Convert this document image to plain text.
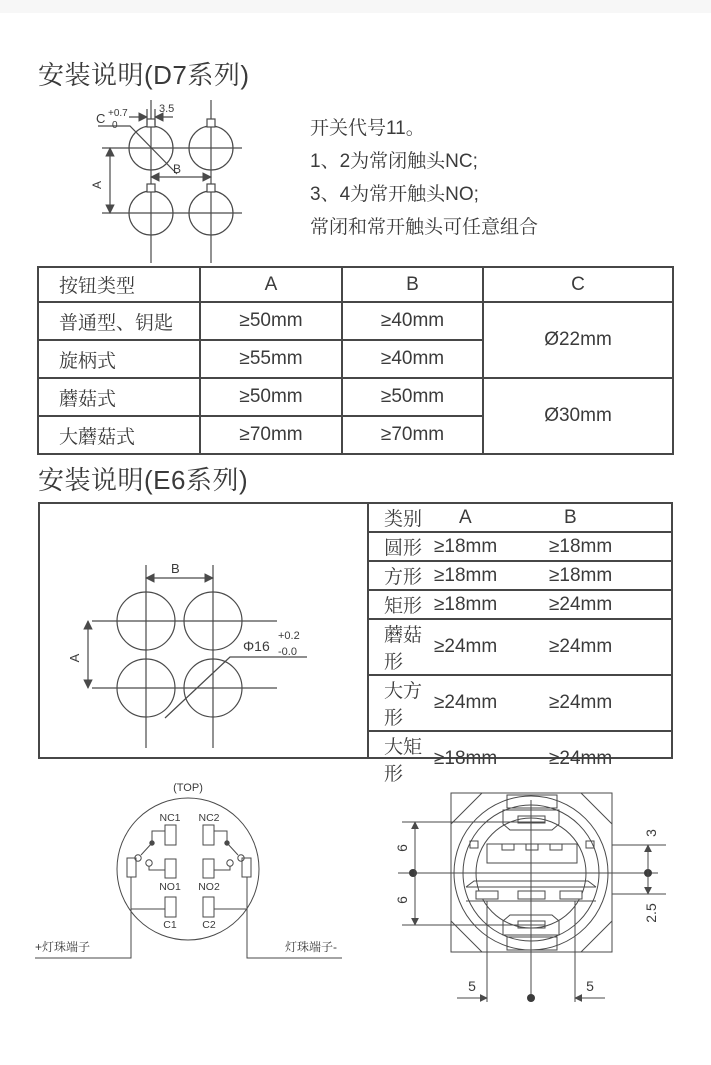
安装说明(D7系列)
C +0.7
0
3.5
A
B
开关代号11。
1、2为常闭触头NC;
3、4为常开触头NO;
常闭和常开触头可任意组合
按钮类型	A	B	C
普通型、钥匙	≥50mm	≥40mm	Ø22mm
旋柄式	≥55mm	≥40mm	
蘑菇式	≥50mm	≥50mm	Ø30mm
大蘑菇式	≥70mm	≥70mm	
安装说明(E6系列)
类别	A	B
圆形 ≥18mm	≥18mm
方形 ≥18mm	≥18mm
矩形 ≥18mm	≥24mm
蘑菇形
≥24mm	≥24mm
大方形
≥24mm	≥24mm
大矩形
≥18mm	≥24mm
B
A
Φ16
+0.2
-0.0
(TOP)
NC1 NC2
NO1 NO2
C1 C2
+灯珠端子	灯珠端子-
6
6
3
2.5
5	5
